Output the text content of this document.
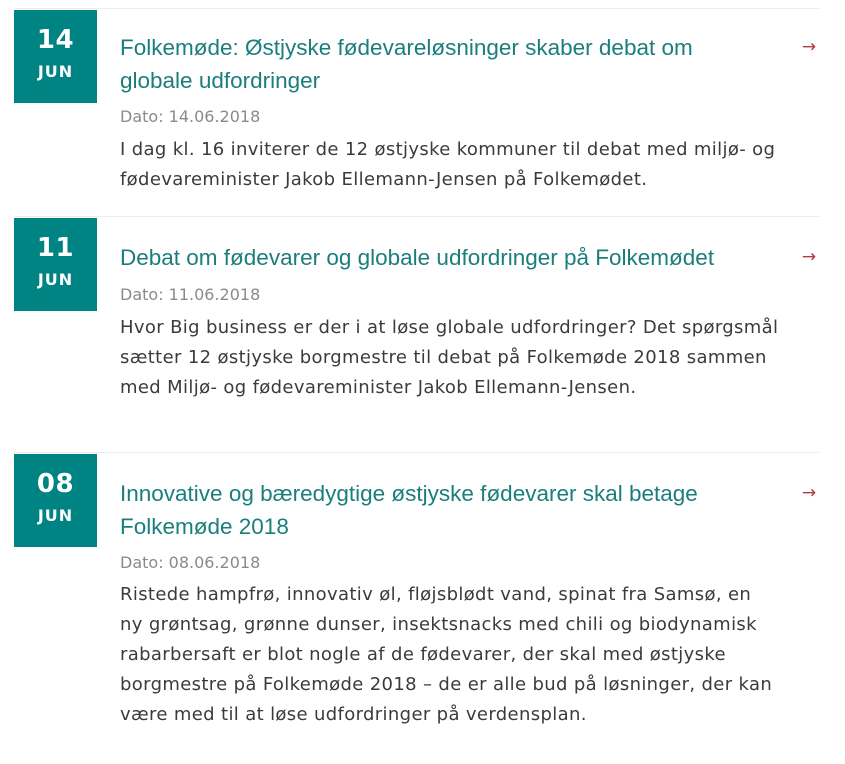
14
JUN
Folkemøde: Østjyske fødevareløsninger skaber debat om globale udfordringer
Dato: 14.06.2018

I dag kl. 16 inviterer de 12 østjyske kommuner til debat med miljø- og fødevareminister Jakob Ellemann-Jensen på Folkemødet.

→
11
JUN
Debat om fødevarer og globale udfordringer på Folkemødet
Dato: 11.06.2018

Hvor Big business er der i at løse globale udfordringer? Det spørgsmål sætter 12 østjyske borgmestre til debat på Folkemøde 2018 sammen med Miljø- og fødevareminister Jakob Ellemann-Jensen.

→
08
JUN
Innovative og bæredygtige østjyske fødevarer skal betage Folkemøde 2018
Dato: 08.06.2018

Ristede hampfrø, innovativ øl, fløjsblødt vand, spinat fra Samsø, en ny grøntsag, grønne dunser, insektsnacks med chili og biodynamisk rabarbersaft er blot nogle af de fødevarer, der skal med østjyske borgmestre på Folkemøde 2018 – de er alle bud på løsninger, der kan være med til at løse udfordringer på verdensplan.

→
